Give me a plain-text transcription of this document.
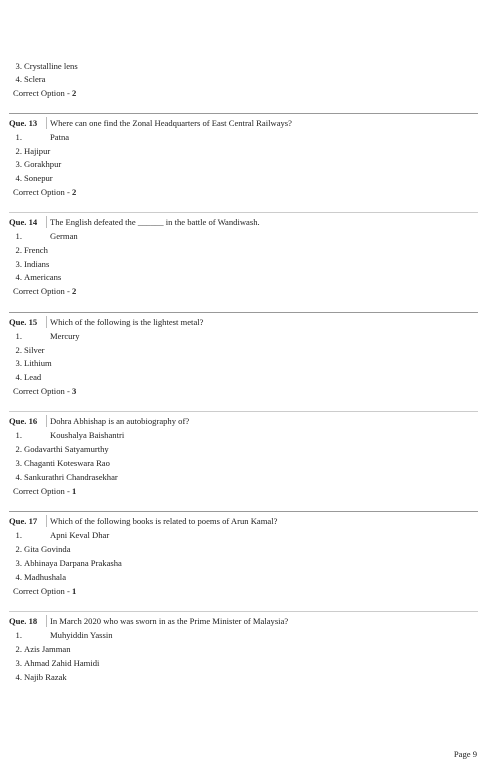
3. Crystalline lens
4. Sclera
Correct Option - 2
Que. 13 Where can one find the Zonal Headquarters of East Central Railways?
1.	Patna
2. Hajipur
3. Gorakhpur
4. Sonepur
Correct Option - 2
Que. 14 The English defeated the ______ in the battle of Wandiwash.
1.	German
2. French
3. Indians
4. Americans
Correct Option - 2
Que. 15 Which of the following is the lightest metal?
1.	Mercury
2. Silver
3. Lithium
4. Lead
Correct Option - 3
Que. 16 Dohra Abhishap is an autobiography of?
1.	Koushalya Baishantri
2. Godavarthi Satyamurthy
3. Chaganti Koteswara Rao
4. Sankurathri Chandrasekhar
Correct Option - 1
Que. 17 Which of the following books is related to poems of Arun Kamal?
1.	Apni Keval Dhar
2. Gita Govinda
3. Abhinaya Darpana Prakasha
4. Madhushala
Correct Option - 1
Que. 18 In March 2020 who was sworn in as the Prime Minister of Malaysia?
1.	Muhyiddin Yassin
2. Azis Jamman
3. Ahmad Zahid Hamidi
4. Najib Razak
Page 9
